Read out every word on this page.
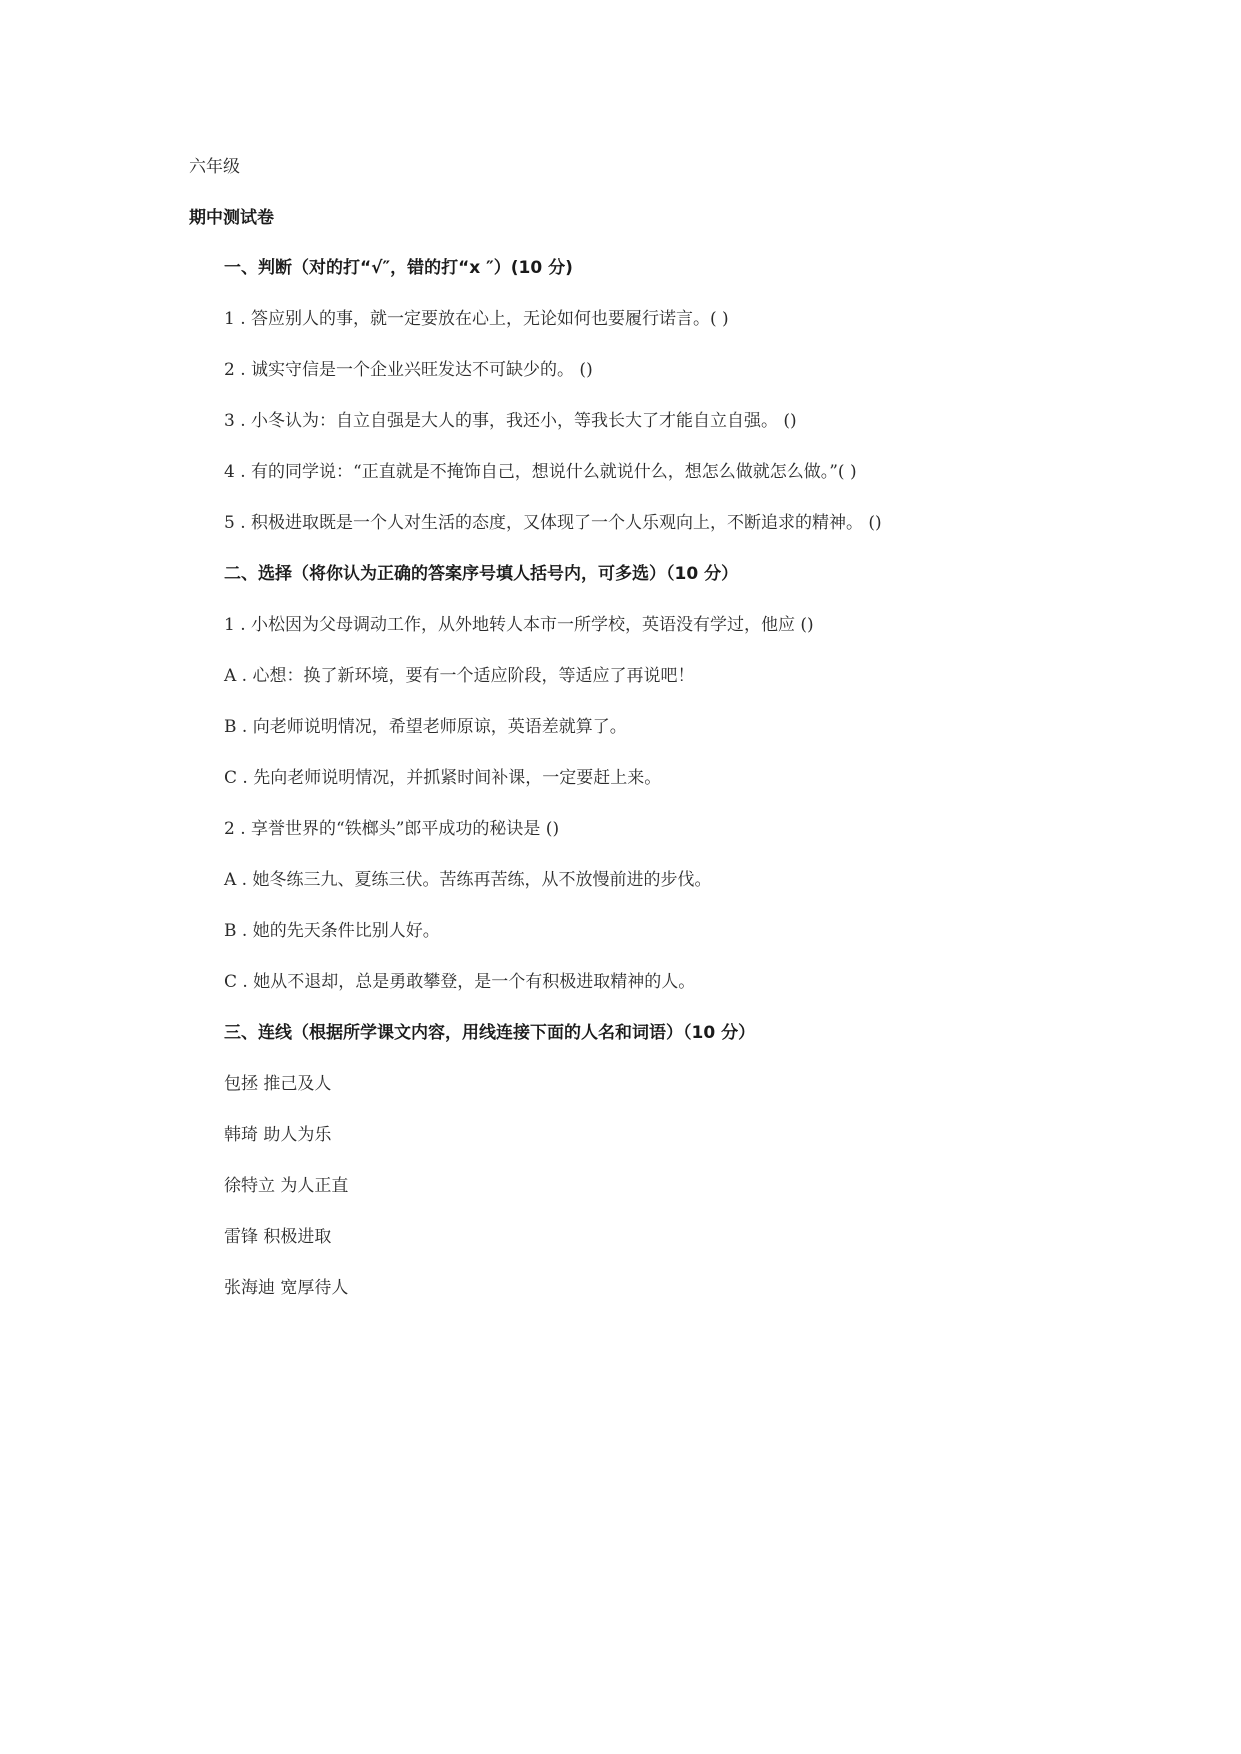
六年级
期中测试卷
一、判断（对的打“√″，错的打“x ″）(10 分)
1 . 答应别人的事，就一定要放在心上，无论如何也要履行诺言。( )
2 . 诚实守信是一个企业兴旺发达不可缺少的。 ()
3 . 小冬认为：自立自强是大人的事，我还小，等我长大了才能自立自强。 ()
4 . 有的同学说：“正直就是不掩饰自己，想说什么就说什么，想怎么做就怎么做。”( )
5 . 积极进取既是一个人对生活的态度，又体现了一个人乐观向上，不断追求的精神。 ()
二、选择（将你认为正确的答案序号填人括号内，可多选）（10 分）
1 . 小松因为父母调动工作，从外地转人本市一所学校，英语没有学过，他应 ()
A . 心想：换了新环境，要有一个适应阶段，等适应了再说吧！
B . 向老师说明情况，希望老师原谅，英语差就算了。
C . 先向老师说明情况，并抓紧时间补课，一定要赶上来。
2 . 享誉世界的“铁榔头”郎平成功的秘诀是 ()
A . 她冬练三九、夏练三伏。苦练再苦练，从不放慢前进的步伐。
B . 她的先天条件比别人好。
C . 她从不退却，总是勇敢攀登，是一个有积极进取精神的人。
三、连线（根据所学课文内容，用线连接下面的人名和词语）（10 分）
包拯 推己及人
韩琦 助人为乐
徐特立 为人正直
雷锋 积极进取
张海迪 宽厚待人
